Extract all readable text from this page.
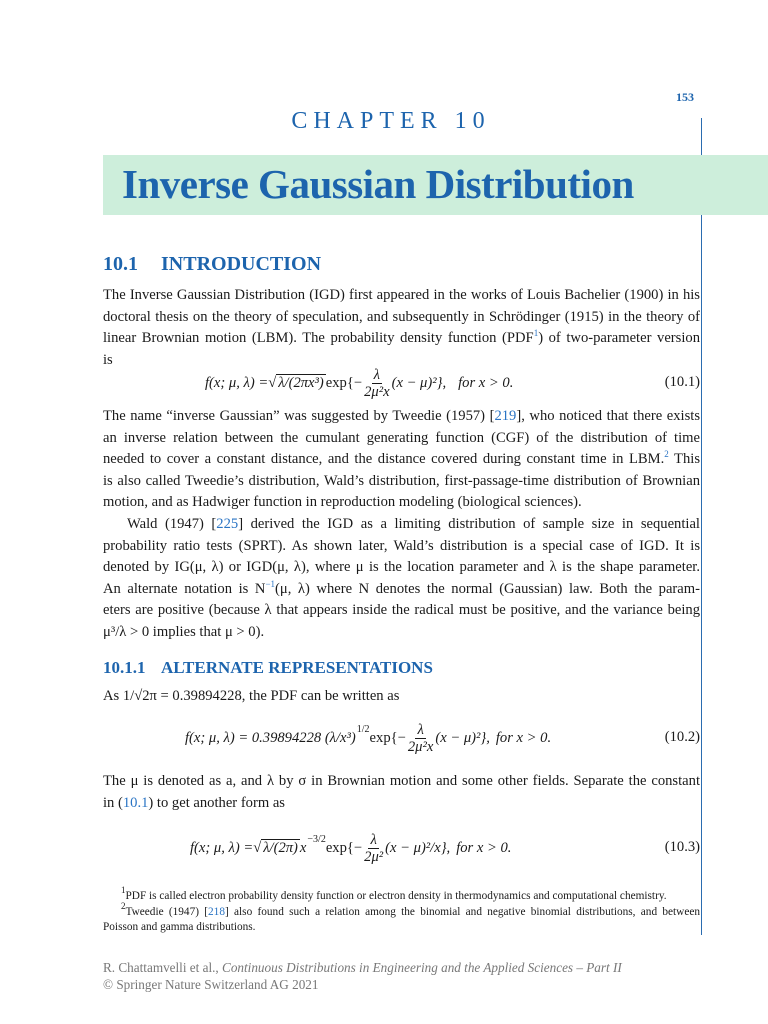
153
CHAPTER 10
Inverse Gaussian Distribution
10.1 INTRODUCTION
The Inverse Gaussian Distribution (IGD) first appeared in the works of Louis Bachelier (1900) in his
doctoral thesis on the theory of speculation, and subsequently in Schrödinger (1915) in the theory of
linear Brownian motion (LBM). The probability density function (PDF$^1$) of two-parameter version
is
f(x; μ, λ) = √ λ/(2πx³) $\exp\{- \frac{\lambda}{\text{2μ²x}} (x - \mu)^2\}$, for x > 0.	(10.1)
The name “inverse Gaussian” was suggested by Tweedie (1957) [219], who noticed that there exists
an inverse relation between the cumulant generating function (CGF) of the distribution of time
needed to cover a constant distance, and the distance covered during constant time in LBM.$^2$ This
is also called Tweedie’s distribution, Wald’s distribution, first-passage-time distribution of Brownian
motion, and as Hadwiger function in reproduction modeling (biological sciences).
Wald (1947) [225] derived the IGD as a limiting distribution of sample size in sequential
probability ratio tests (SPRT). As shown later, Wald’s distribution is a special case of IGD. It is
denoted by IG(μ, λ) or IGD(μ, λ), where μ is the location parameter and λ is the shape parameter.
An alternate notation is $N^{-1}(\mu$, λ) where N denotes the normal (Gaussian) law. Both the param-
eters are positive (because λ that appears inside the radical must be positive, and the variance being
μ³/λ > 0 implies that μ > 0).
10.1.1 ALTERNATE REPRESENTATIONS
As 1/√2π = 0.39894228, the PDF can be written as
f(x; μ, λ) = 0.39894228 $(\lambda/x^3)^{1/2}$ $\exp\{- \frac{\lambda}{\text{2μ²x}} (x - \mu)^2\}$, for x > 0.	(10.2)
The μ is denoted as a, and λ by σ in Brownian motion and some other fields. Separate the constant
in (10.1) to get another form as
f(x; μ, λ) = √ λ/(2π) $x^{-3/2}$ $\exp\{- \frac{\lambda}{\text{2μ²}} (x - \mu)^2/x\}$, for x > 0.	(10.3)
$^1$PDF is called electron probability density function or electron density in thermodynamics and computational chemistry.
$^2$Tweedie (1947) [218] also found such a relation among the binomial and negative binomial distributions, and between
Poisson and gamma distributions.
R. Chattamvelli et al., Continuous Distributions in Engineering and the Applied Sciences – Part II
© Springer Nature Switzerland AG 2021
